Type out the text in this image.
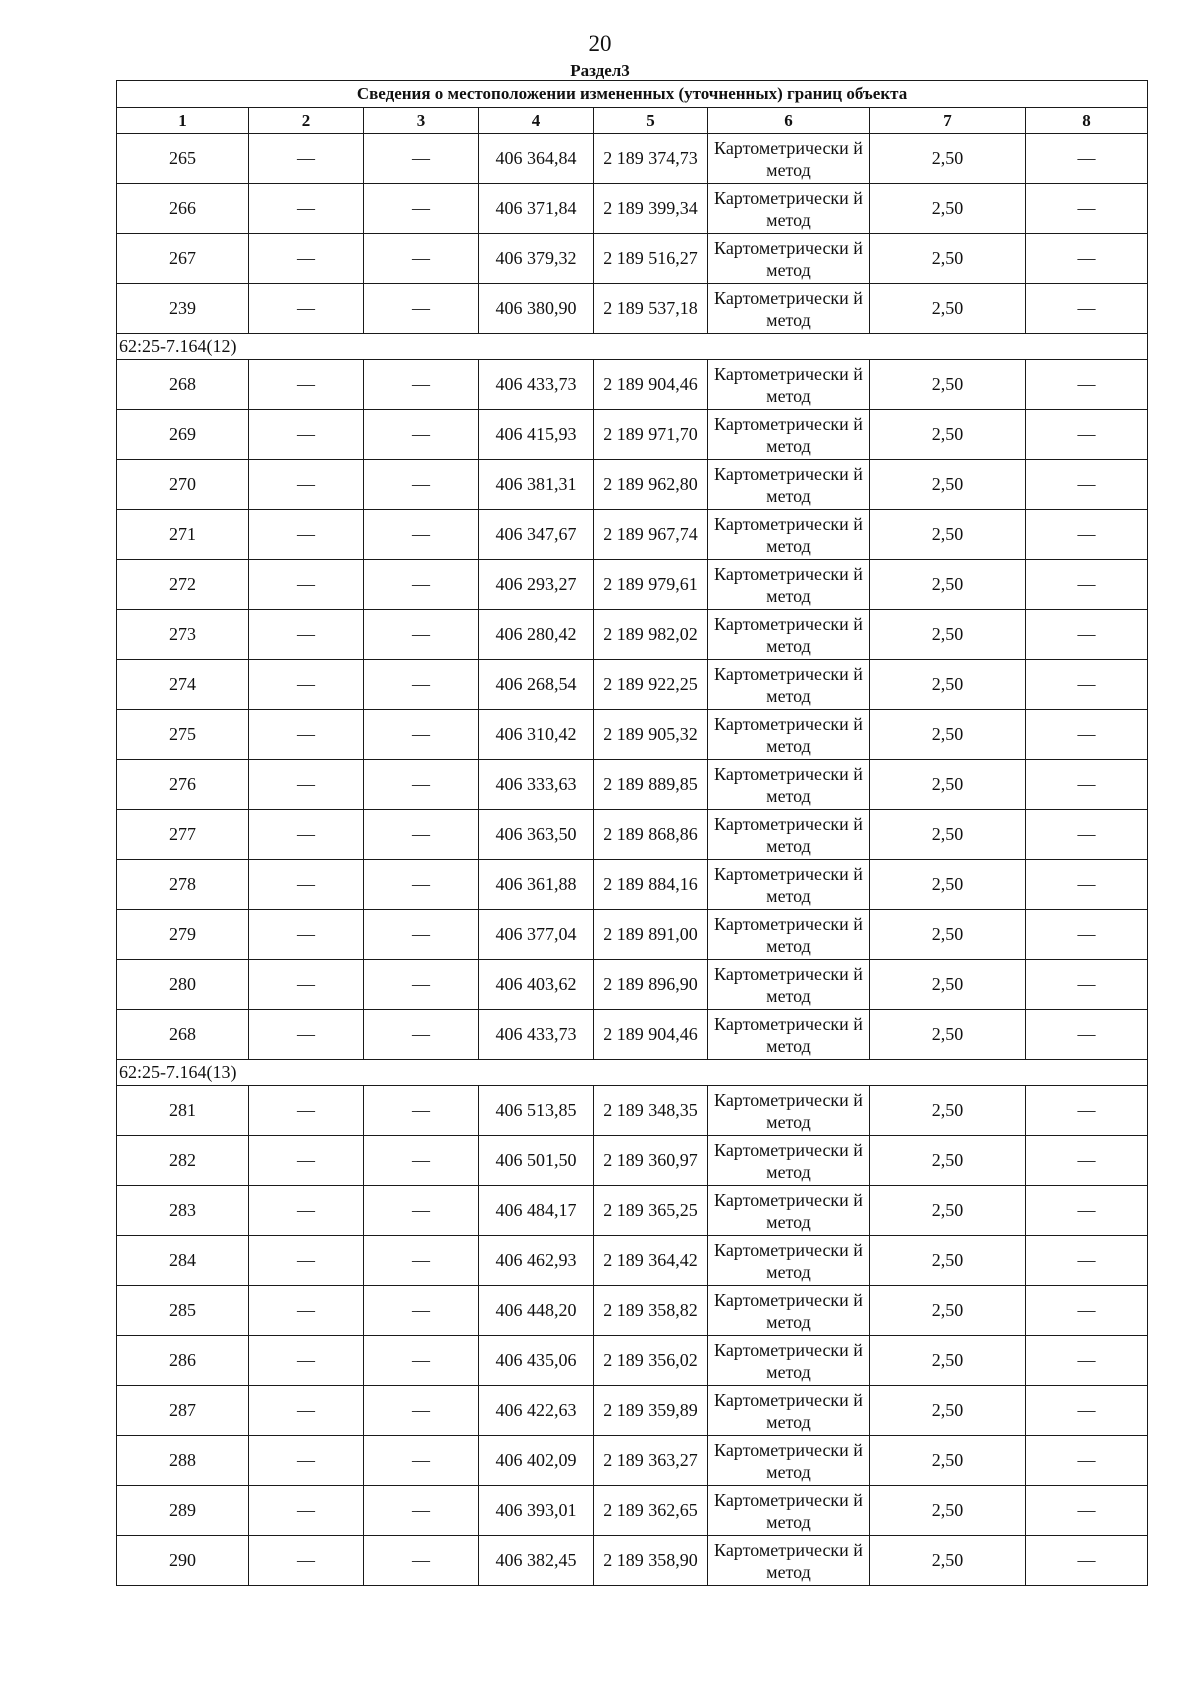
20
Раздел3
Сведения о местоположении измененных (уточненных) границ объекта							
1	2	3	4	5	6	7	8
265	—	—	406 364,84	2 189 374,73	Картометрически й метод	2,50	—
266	—	—	406 371,84	2 189 399,34	Картометрически й метод	2,50	—
267	—	—	406 379,32	2 189 516,27	Картометрически й метод	2,50	—
239	—	—	406 380,90	2 189 537,18	Картометрически й метод	2,50	—
62:25-7.164(12)							
268	—	—	406 433,73	2 189 904,46	Картометрически й метод	2,50	—
269	—	—	406 415,93	2 189 971,70	Картометрически й метод	2,50	—
270	—	—	406 381,31	2 189 962,80	Картометрически й метод	2,50	—
271	—	—	406 347,67	2 189 967,74	Картометрически й метод	2,50	—
272	—	—	406 293,27	2 189 979,61	Картометрически й метод	2,50	—
273	—	—	406 280,42	2 189 982,02	Картометрически й метод	2,50	—
274	—	—	406 268,54	2 189 922,25	Картометрически й метод	2,50	—
275	—	—	406 310,42	2 189 905,32	Картометрически й метод	2,50	—
276	—	—	406 333,63	2 189 889,85	Картометрически й метод	2,50	—
277	—	—	406 363,50	2 189 868,86	Картометрически й метод	2,50	—
278	—	—	406 361,88	2 189 884,16	Картометрически й метод	2,50	—
279	—	—	406 377,04	2 189 891,00	Картометрически й метод	2,50	—
280	—	—	406 403,62	2 189 896,90	Картометрически й метод	2,50	—
268	—	—	406 433,73	2 189 904,46	Картометрически й метод	2,50	—
62:25-7.164(13)							
281	—	—	406 513,85	2 189 348,35	Картометрически й метод	2,50	—
282	—	—	406 501,50	2 189 360,97	Картометрически й метод	2,50	—
283	—	—	406 484,17	2 189 365,25	Картометрически й метод	2,50	—
284	—	—	406 462,93	2 189 364,42	Картометрически й метод	2,50	—
285	—	—	406 448,20	2 189 358,82	Картометрически й метод	2,50	—
286	—	—	406 435,06	2 189 356,02	Картометрически й метод	2,50	—
287	—	—	406 422,63	2 189 359,89	Картометрически й метод	2,50	—
288	—	—	406 402,09	2 189 363,27	Картометрически й метод	2,50	—
289	—	—	406 393,01	2 189 362,65	Картометрически й метод	2,50	—
290	—	—	406 382,45	2 189 358,90	Картометрически й метод	2,50	—
